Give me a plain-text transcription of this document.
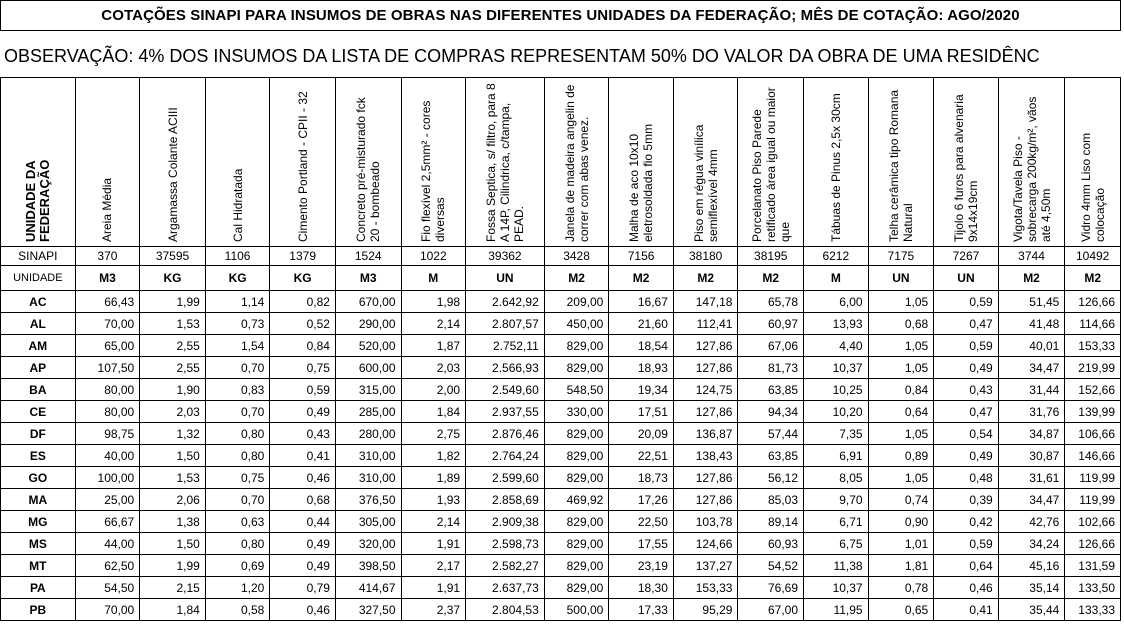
COTAÇÕES SINAPI PARA INSUMOS DE OBRAS NAS DIFERENTES UNIDADES DA FEDERAÇÃO; MÊS DE COTAÇÃO: AGO/2020
OBSERVAÇÃO: 4% DOS INSUMOS DA LISTA DE COMPRAS REPRESENTAM 50% DO VALOR DA OBRA DE UMA RESIDÊNC
UNIDADE DA FEDERAÇÃO	Areia Média	Argamassa Colante ACIII	Cal Hidratada	Cimento Portland - CPII - 32	Concreto pré-misturado fck 20 - bombeado	Fio flexível 2,5mm² - cores diversas	Fossa Septica, s/ filtro, para 8 A 14P, Cilindrica, c/tampa, PEAD.	Janela de madeira angelin de correr com abas venez.	Malha de aco 10x10 eletrosoldada fio 5mm	Piso em régua vinílica semiflexível 4mm	Porcelanato Piso Parede retificado área igual ou maior que	Tábuas de Pinus 2,5x 30cm	Telha cerâmica tipo Romana Natural	Tijolo 6 furos para alvenaria 9x14x19cm	Vigota/Tavela Piso - sobrecarga 200kg/m², vãos até 4,50m	Vidro 4mm Liso com colocação

SINAPI	370	37595	1106	1379	1524	1022	39362	3428	7156	38180	38195	6212	7175	7267	3744	10492
UNIDADE	M3	KG	KG	KG	M3	M	UN	M2	M2	M2	M2	M	UN	UN	M2	M2
AC	66,43	1,99	1,14	0,82	670,00	1,98	2.642,92	209,00	16,67	147,18	65,78	6,00	1,05	0,59	51,45	126,66
AL	70,00	1,53	0,73	0,52	290,00	2,14	2.807,57	450,00	21,60	112,41	60,97	13,93	0,68	0,47	41,48	114,66
AM	65,00	2,55	1,54	0,84	520,00	1,87	2.752,11	829,00	18,54	127,86	67,06	4,40	1,05	0,59	40,01	153,33
AP	107,50	2,55	0,70	0,75	600,00	2,03	2.566,93	829,00	18,93	127,86	81,73	10,37	1,05	0,49	34,47	219,99
BA	80,00	1,90	0,83	0,59	315,00	2,00	2.549,60	548,50	19,34	124,75	63,85	10,25	0,84	0,43	31,44	152,66
CE	80,00	2,03	0,70	0,49	285,00	1,84	2.937,55	330,00	17,51	127,86	94,34	10,20	0,64	0,47	31,76	139,99
DF	98,75	1,32	0,80	0,43	280,00	2,75	2.876,46	829,00	20,09	136,87	57,44	7,35	1,05	0,54	34,87	106,66
ES	40,00	1,50	0,80	0,41	310,00	1,82	2.764,24	829,00	22,51	138,43	63,85	6,91	0,89	0,49	30,87	146,66
GO	100,00	1,53	0,75	0,46	310,00	1,89	2.599,60	829,00	18,73	127,86	56,12	8,05	1,05	0,48	31,61	119,99
MA	25,00	2,06	0,70	0,68	376,50	1,93	2.858,69	469,92	17,26	127,86	85,03	9,70	0,74	0,39	34,47	119,99
MG	66,67	1,38	0,63	0,44	305,00	2,14	2.909,38	829,00	22,50	103,78	89,14	6,71	0,90	0,42	42,76	102,66
MS	44,00	1,50	0,80	0,49	320,00	1,91	2.598,73	829,00	17,55	124,66	60,93	6,75	1,01	0,59	34,24	126,66
MT	62,50	1,99	0,69	0,49	398,50	2,17	2.582,27	829,00	23,19	137,27	54,52	11,38	1,81	0,64	45,16	131,59
PA	54,50	2,15	1,20	0,79	414,67	1,91	2.637,73	829,00	18,30	153,33	76,69	10,37	0,78	0,46	35,14	133,50
PB	70,00	1,84	0,58	0,46	327,50	2,37	2.804,53	500,00	17,33	95,29	67,00	11,95	0,65	0,41	35,44	133,33
